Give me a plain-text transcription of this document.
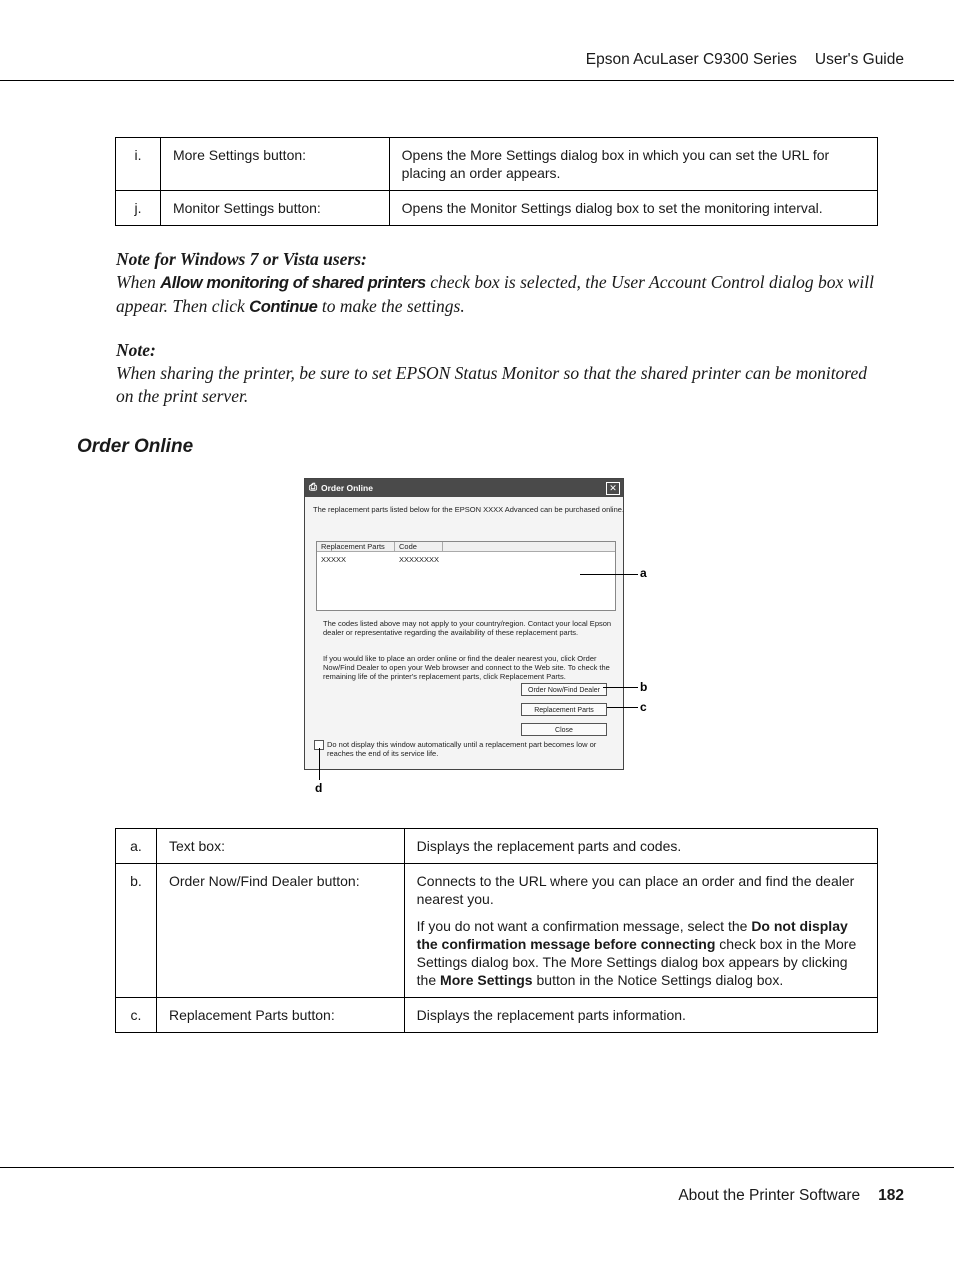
Epson AcuLaser C9300 Series User's Guide
i.	More Settings button:	Opens the More Settings dialog box in which you can set the URL for placing an order appears.
j.	Monitor Settings button:	Opens the Monitor Settings dialog box to set the monitoring interval.
Note for Windows 7 or Vista users:
When Allow monitoring of shared printers check box is selected, the User Account Control dialog box will appear. Then click Continue to make the settings.
Note:
When sharing the printer, be sure to set EPSON Status Monitor so that the shared printer can be monitored on the print server.
Order Online
⎙ Order Online	✕
The replacement parts listed below for the EPSON XXXX Advanced can be purchased online.
Replacement Parts	Code
XXXXX	XXXXXXXX
The codes listed above may not apply to your country/region. Contact your local Epson dealer or representative regarding the availability of these replacement parts.
If you would like to place an order online or find the dealer nearest you, click Order Now/Find Dealer to open your Web browser and connect to the Web site. To check the remaining life of the printer's replacement parts, click Replacement Parts.
Order Now/Find Dealer
Replacement Parts
Close
Do not display this window automatically until a replacement part becomes low or reaches the end of its service life.
a
b
c
d
a.	Text box:	Displays the replacement parts and codes.
b.	Order Now/Find Dealer button:	Connects to the URL where you can place an order and find the dealer nearest you.

If you do not want a confirmation message, select the Do not display the confirmation message before connecting check box in the More Settings dialog box. The More Settings dialog box appears by clicking the More Settings button in the Notice Settings dialog box.

c.	Replacement Parts button:	Displays the replacement parts information.
About the Printer Software 182
